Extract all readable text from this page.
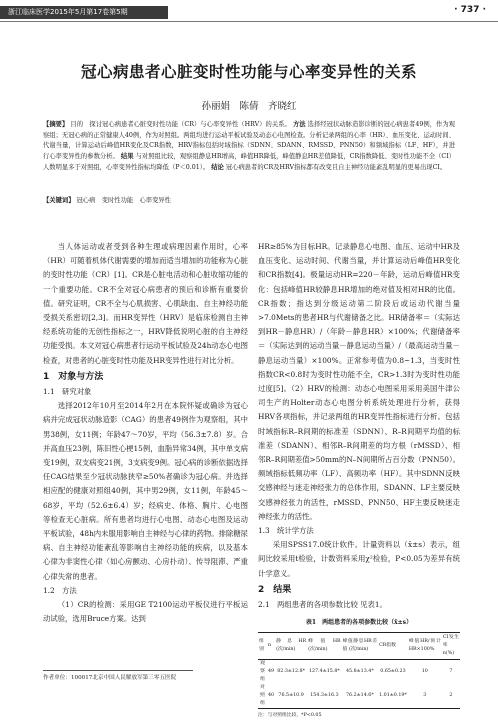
浙江临床医学2015年5月第17卷第5期	· 737 ·
冠心病患者心脏变时性功能与心率变异性的关系
孙丽娟　陈倩　齐晓红
【摘要】 目的　探讨冠心病患者心脏变时性功能（CR）与心率变异性（HRV）的关系。 方法 选择经冠状动脉造影诊断的冠心病患者49例，作为观察组；无冠心病的正常健康人40例，作为对照组。两组均进行运动平板试验及动态心电图检查。分析记录两组的心率（HR）、血压变化、运动时间、代谢当量，计算运动后峰值HR变化及CR指数，HRV指标包括时域指标（SDNN、SDANN、RMSSD、PNN50）和频域指标（LF、HF），并进行心率变异性的参数分析。 结果 与对照组比较，观察组静息HR增高，峰值HR降低，峰值静息HR差值降低，CR指数降低、变时性功能不全（CI）人数明显多于对照组，心率变异性指标均降低（P＜0.01）。 结论 冠心病患者的CR及HRV指标都有改变且自主神经功能紊乱明显的更易出现CI。
【关键词】 冠心病　变时性功能　心率变异性

当人体运动或者受到各种生理或病理因素作用时，心率（HR）可随着机体代谢需要的增加而适当增加的功能称为心脏的变时性功能（CR）[1]。CR是心脏电活动和心脏收缩功能的一个重要功能。CR不全对冠心病患者的预后和诊断有重要价值。研究证明，CR不全与心肌损害、心肌缺血、自主神经功能受损关系密切[2,3]。而HR变异性（HRV）是临床检测自主神经系统功能的无创性指标之一，HRV降低说明心脏的自主神经功能受损。本文对冠心病患者行运动平板试验及24h动态心电图检查，对患者的心脏变时性功能及HR变异性进行对比分析。

1　对象与方法
1.1　研究对象

选择2012年10月至2014年2月在本院怀疑或确诊为冠心病并完成冠状动脉造影（CAG）的患者49例作为观察组，其中男38例，女11例；年龄47～70岁，平均（56.3±7.8）岁。合并高血压23例，陈旧性心梗15例，血脂异常34例，其中单支病变19例，双支病变21例，3支病变9例。冠心病的诊断依据选择任CAG结果至少冠状动脉狭窄≥50%者确诊为冠心病。并选择相应配的健康对照组40例，其中男29例，女11例，年龄45～68岁，平均（52.6±6.4）岁；经病史、体格、胸片、心电图等检查无心脏病。所有患者均进行心电图、动态心电图及运动平板试验，48h内未服用影响自主神经与心律的药物。排除糖尿病、自主神经功能紊乱等影响自主神经功能的疾病，以及基本心律为非窦性心律（如心房颤动、心房扑动）、传导阻滞、严重心律失常的患者。

1.2　方法

（1）CR的检测：采用GE T2100运动平板仪进行平板运动试验，选用Bruce方案。达到

HR≥85%为目标HR。记录静息心电图、血压、运动中HR及血压变化、运动时间、代谢当量，并计算运动后峰值HR变化和CR指数[4]。极量运动HR=220－年龄，运动后峰值HR变化：包括峰值HR较静息HR增加的绝对值及相对HR的比值。CR指数；指达到分级运动第二阶段后或运动代谢当量>7.0Mets的患者HR与代谢储备之比。HR储备率＝（实际达到HR－静息HR）/（年龄－静息HR）×100%；代谢储备率＝（实际达到的运动当量－静息运动当量）/（最高运动当量－静息运动当量）×100%。正常参考值为0.8~1.3，当变时性指数CR<0.8时为变时性功能不全，CR>1.3时为变时性功能过度[5]。（2）HRV的检测：动态心电图采用采用美国牛津公司生产的Holter动态心电图分析系统处理进行分析，获得HRV各项指标，并记录两组的HR变异性指标进行分析。包括时域指标R–R间期的标准差（SDNN）、R–R间期平均值的标准差（SDANN）、相邻R–R间期差的均方根（rMSSD）、相邻R–R间期差值>50mm的N–N间期所占百分数（PNN50）。频域指标低频功率（LF）、高频功率（HF）。其中SDNN反映交感神经与迷走神经张力的总体作用，SDANN、LF主要反映交感神经张力的活性，rMSSD、PNN50、HF主要反映迷走神经张力的活性。

1.3　统计学方法

采用SPSS17.0统计软件。计量资料以（x̄±s）表示，组间比较采用t检验，计数资料采用χ²检验，P<0.05为差异有统计学意义。

2　结果
2.1　两组患者的各项参数比较 见表1。
表1　两组患者的各项参数比较（x̄±s）
组别	n	静息HR (次/min)	峰值HR (次/min)	峰值静息HR差值 (次/min)	CR指数	峰值HR/预计HR×100%	CI发生率 n(%)
观察组	49	82.3±12.8*	127.4±15.8*	45.8±13.4*	0.65±0.23	10	7
对照组	40	76.5±10.9	154.3±16.3	76.2±14.6*	1.01±0.19*	3	2
注：与对照组比较，*P<0.05
作者单位：100017北京中国人民解放军第三零五医院
